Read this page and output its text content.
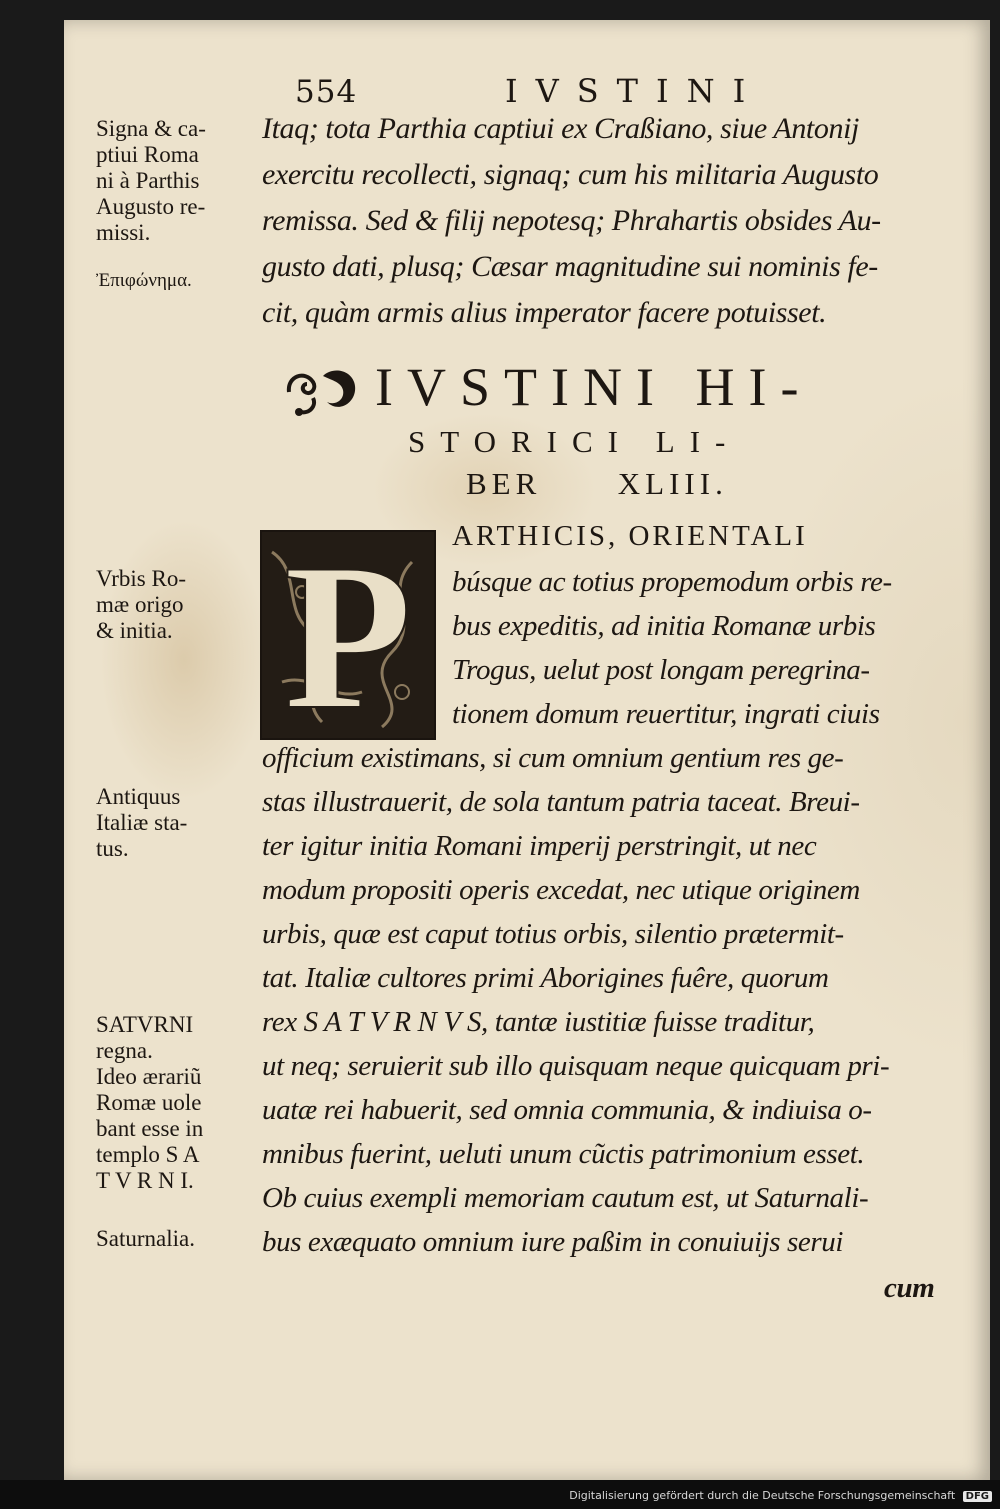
554	IVSTINI
Itaq; tota Parthia captiui ex Craßiano, siue Antonij
exercitu recollecti, signaq; cum his militaria Augusto
remissa. Sed & filij nepotesq; Phrahartis obsides Au-
gusto dati, plusq; Cæsar magnitudine sui nominis fe-
cit, quàm armis alius imperator facere potuisset.
IVSTINI HI-
STORICI LI-
BER      XLIII.
P	ARTHICIS, ORIENTALI
búsque ac totius propemodum orbis re-
bus expeditis, ad initia Romanæ urbis
Trogus, uelut post longam peregrina-
tionem domum reuertitur, ingrati ciuis
officium existimans, si cum omnium gentium res ge-
stas illustrauerit, de sola tantum patria taceat. Breui-
ter igitur initia Romani imperij perstringit, ut nec
modum propositi operis excedat, nec utique originem
urbis, quæ est caput totius orbis, silentio prætermit-
tat. Italiæ cultores primi Aborigines fuêre, quorum
rex S A T V R N V S, tantæ iustitiæ fuisse traditur,
ut neq; seruierit sub illo quisquam neque quicquam pri-
uatæ rei habuerit, sed omnia communia, & indiuisa o-
mnibus fuerint, ueluti unum cũctis patrimonium esset.
Ob cuius exempli memoriam cautum est, ut Saturnali-
bus exæquato omnium iure paßim in conuiuijs serui
cum
Signa & ca-
ptiui Roma
ni à Parthis
Augusto re-
missi.
Ἐπιφώνημα.
Vrbis Ro-
mæ origo
& initia.
Antiquus
Italiæ sta-
tus.
SATVRNI
regna.
Ideo ærariũ
Romæ uole
bant esse in
templo S A
T V R N I.
Saturnalia.
Digitalisierung gefördert durch die Deutsche Forschungsgemeinschaft DFG
